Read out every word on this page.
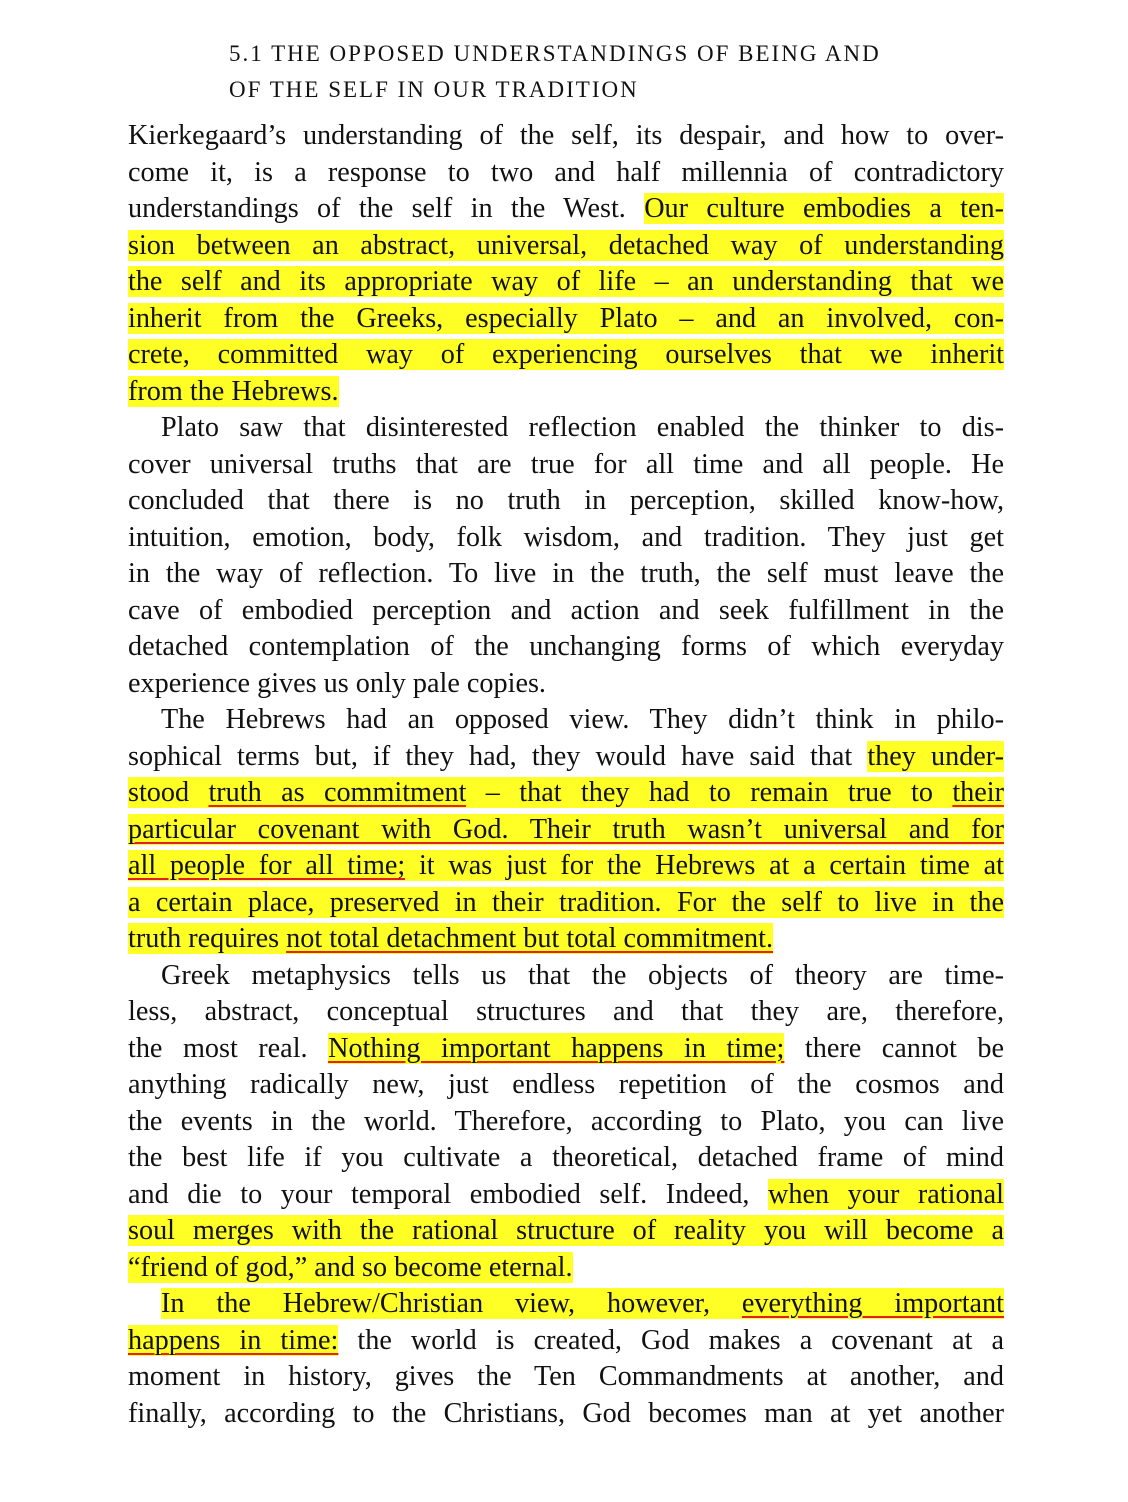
5.1 THE OPPOSED UNDERSTANDINGS OF BEING AND
OF THE SELF IN OUR TRADITION
Kierkegaard’s understanding of the self, its despair, and how to over-
come it, is a response to two and half millennia of contradictory
understandings of the self in the West. Our culture embodies a ten-
sion between an abstract, universal, detached way of understanding
the self and its appropriate way of life – an understanding that we
inherit from the Greeks, especially Plato – and an involved, con-
crete, committed way of experiencing ourselves that we inherit
from the Hebrews.
Plato saw that disinterested reflection enabled the thinker to dis-
cover universal truths that are true for all time and all people. He
concluded that there is no truth in perception, skilled know-how,
intuition, emotion, body, folk wisdom, and tradition. They just get
in the way of reflection. To live in the truth, the self must leave the
cave of embodied perception and action and seek fulfillment in the
detached contemplation of the unchanging forms of which everyday
experience gives us only pale copies.
The Hebrews had an opposed view. They didn’t think in philo-
sophical terms but, if they had, they would have said that they under-
stood truth as commitment – that they had to remain true to their
particular covenant with God. Their truth wasn’t universal and for
all people for all time; it was just for the Hebrews at a certain time at
a certain place, preserved in their tradition. For the self to live in the
truth requires not total detachment but total commitment.
Greek metaphysics tells us that the objects of theory are time-
less, abstract, conceptual structures and that they are, therefore,
the most real. Nothing important happens in time; there cannot be
anything radically new, just endless repetition of the cosmos and
the events in the world. Therefore, according to Plato, you can live
the best life if you cultivate a theoretical, detached frame of mind
and die to your temporal embodied self. Indeed, when your rational
soul merges with the rational structure of reality you will become a
“friend of god,” and so become eternal.
In the Hebrew/Christian view, however, everything important
happens in time: the world is created, God makes a covenant at a
moment in history, gives the Ten Commandments at another, and
finally, according to the Christians, God becomes man at yet another
